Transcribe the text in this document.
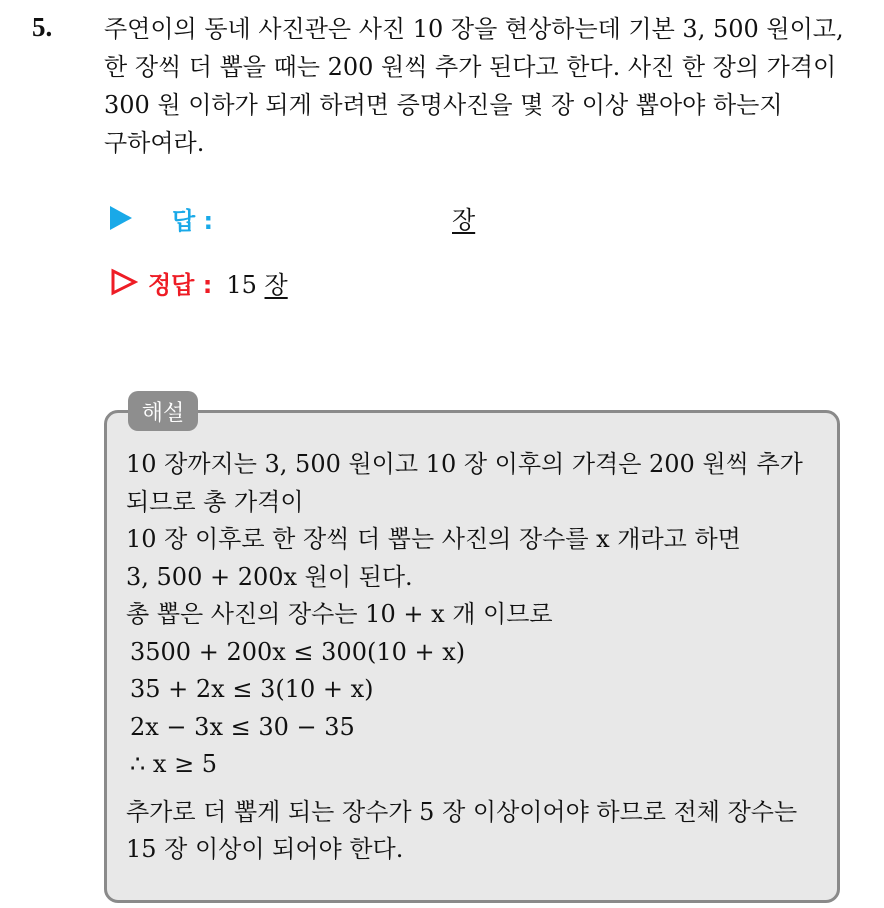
5. 주연이의 동네 사진관은 사진 10 장을 현상하는데 기본 3, 500 원이고,
한 장씩 더 뽑을 때는 200 원씩 추가 된다고 한다. 사진 한 장의 가격이
300 원 이하가 되게 하려면 증명사진을 몇 장 이상 뽑아야 하는지
구하여라.
답 :	장
정답 : 15 장
해설
10 장까지는 3, 500 원이고 10 장 이후의 가격은 200 원씩 추가
되므로 총 가격이
10 장 이후로 한 장씩 더 뽑는 사진의 장수를 x 개라고 하면
3, 500 + 200x 원이 된다.
총 뽑은 사진의 장수는 10 + x 개 이므로
3500 + 200x ≤ 300(10 + x)
35 + 2x ≤ 3(10 + x)
2x − 3x ≤ 30 − 35
∴ x ≥ 5
추가로 더 뽑게 되는 장수가 5 장 이상이어야 하므로 전체 장수는
15 장 이상이 되어야 한다.
